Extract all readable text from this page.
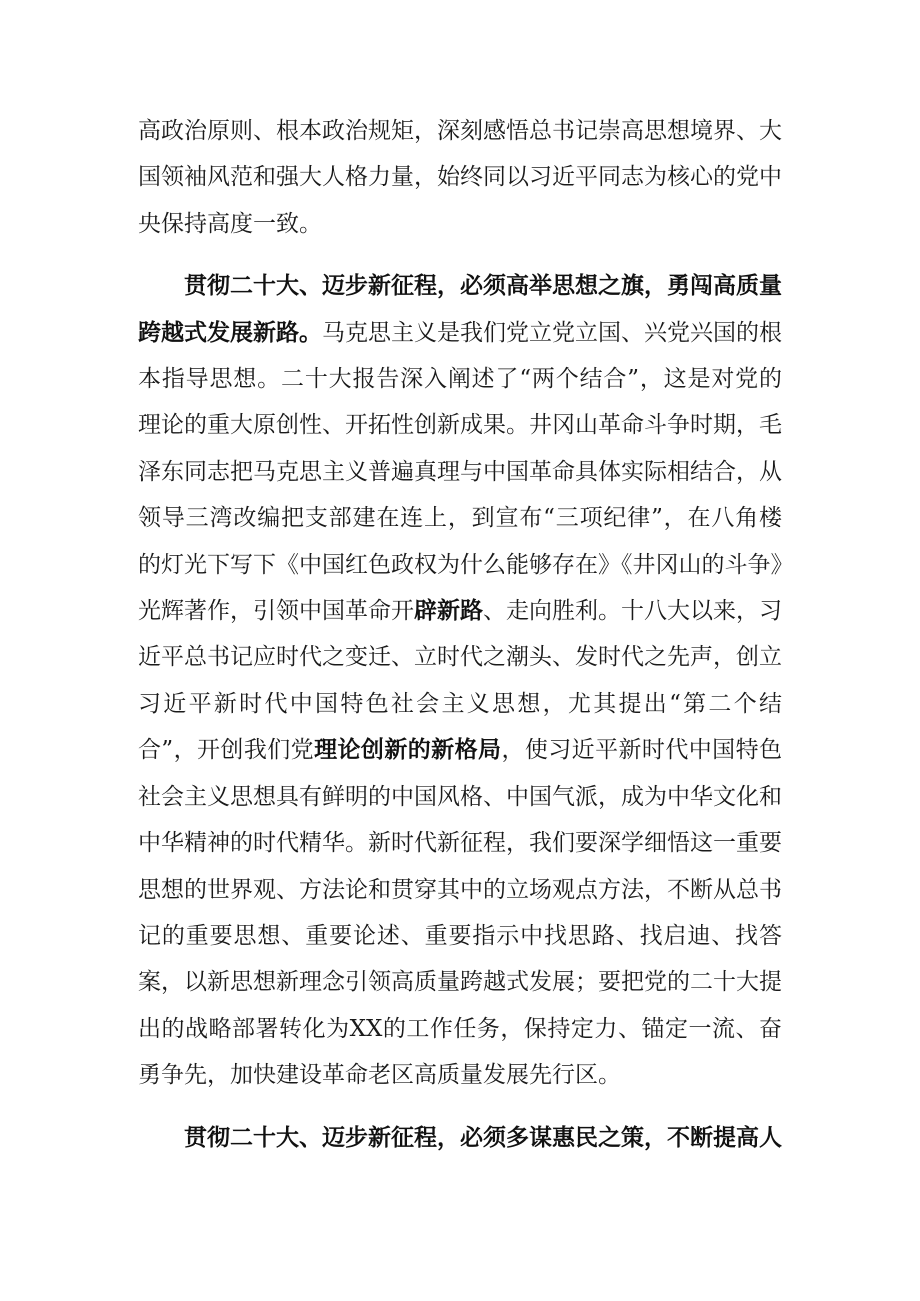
高政治原则、根本政治规矩，深刻感悟总书记崇高思想境界、大国领袖风范和强大人格力量，始终同以习近平同志为核心的党中央保持高度一致。

贯彻二十大、迈步新征程，必须高举思想之旗，勇闯高质量跨越式发展新路。马克思主义是我们党立党立国、兴党兴国的根本指导思想。二十大报告深入阐述了“两个结合”，这是对党的理论的重大原创性、开拓性创新成果。井冈山革命斗争时期，毛泽东同志把马克思主义普遍真理与中国革命具体实际相结合，从领导三湾改编把支部建在连上，到宣布“三项纪律”，在八角楼的灯光下写下《中国红色政权为什么能够存在》《井冈山的斗争》光辉著作，引领中国革命开辟新路、走向胜利。十八大以来，习近平总书记应时代之变迁、立时代之潮头、发时代之先声，创立习近平新时代中国特色社会主义思想，尤其提出“第二个结合”，开创我们党理论创新的新格局，使习近平新时代中国特色社会主义思想具有鲜明的中国风格、中国气派，成为中华文化和中华精神的时代精华。新时代新征程，我们要深学细悟这一重要思想的世界观、方法论和贯穿其中的立场观点方法，不断从总书记的重要思想、重要论述、重要指示中找思路、找启迪、找答案，以新思想新理念引领高质量跨越式发展；要把党的二十大提出的战略部署转化为XX的工作任务，保持定力、锚定一流、奋勇争先，加快建设革命老区高质量发展先行区。

贯彻二十大、迈步新征程，必须多谋惠民之策，不断提高人
